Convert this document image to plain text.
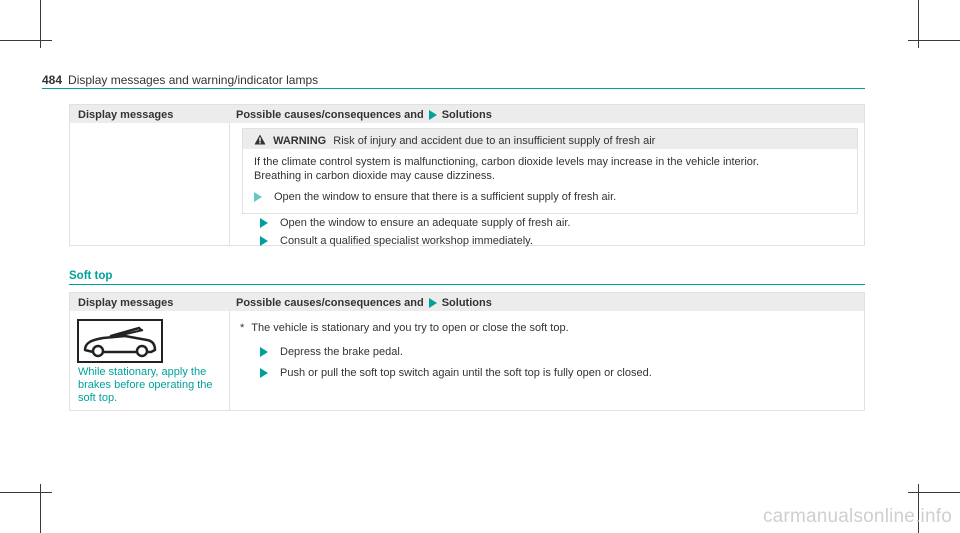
484 Display messages and warning/indicator lamps
Display messages	Possible causes/consequences and Solutions
WARNING Risk of injury and accident due to an insufficient supply of fresh air
If the climate control system is malfunctioning, carbon dioxide levels may increase in the vehicle interior.
Breathing in carbon dioxide may cause dizziness.
Open the window to ensure that there is a sufficient supply of fresh air.
Open the window to ensure an adequate supply of fresh air.
Consult a qualified specialist workshop immediately.
Soft top
Display messages	Possible causes/consequences and Solutions
While stationary, apply the brakes before operating the soft top.
* The vehicle is stationary and you try to open or close the soft top.
Depress the brake pedal.
Push or pull the soft top switch again until the soft top is fully open or closed.
carmanualsonline.info
